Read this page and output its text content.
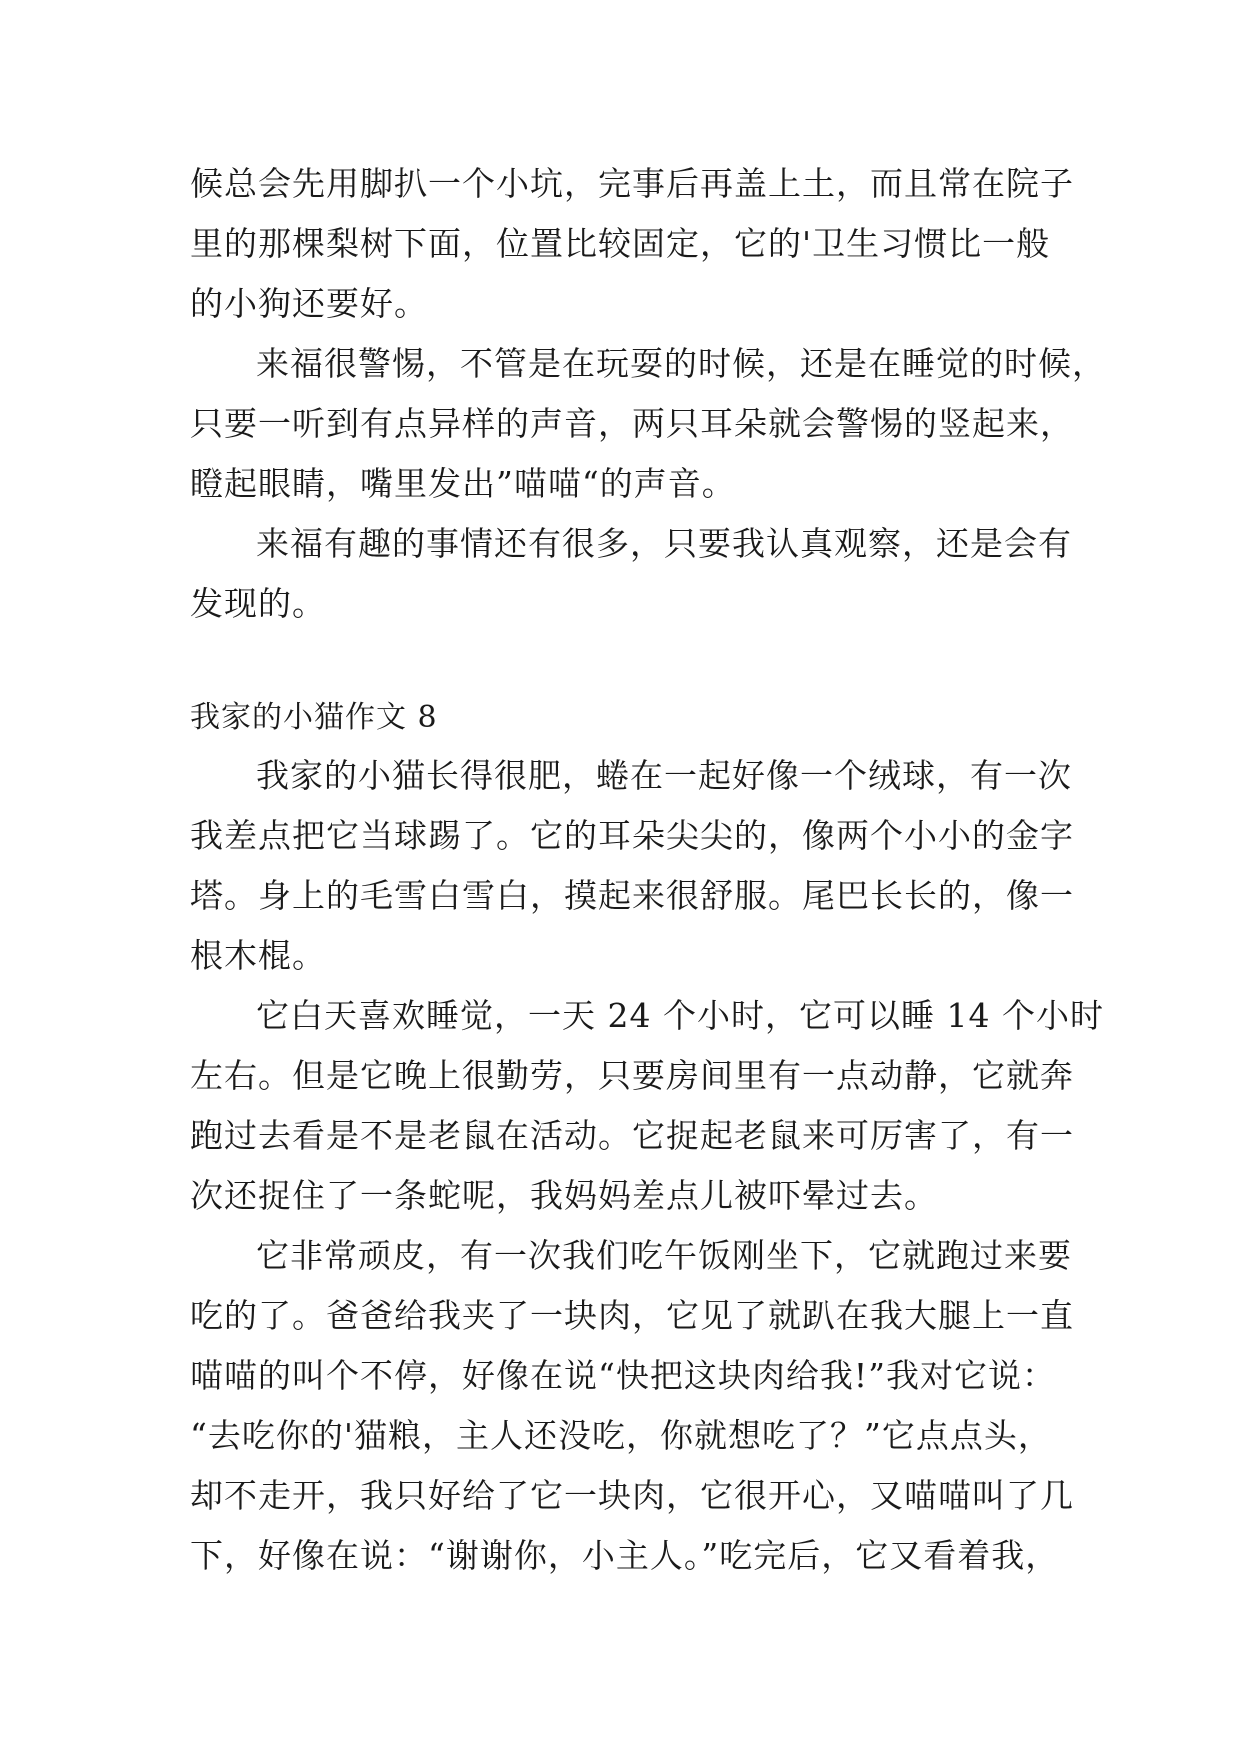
候总会先用脚扒一个小坑，完事后再盖上土，而且常在院子
里的那棵梨树下面，位置比较固定，它的'卫生习惯比一般
的小狗还要好。
来福很警惕，不管是在玩耍的时候，还是在睡觉的时候，
只要一听到有点异样的声音，两只耳朵就会警惕的竖起来，
瞪起眼睛，嘴里发出”喵喵“的声音。
来福有趣的事情还有很多，只要我认真观察，还是会有
发现的。
我家的小猫作文 8
我家的小猫长得很肥，蜷在一起好像一个绒球，有一次
我差点把它当球踢了。它的耳朵尖尖的，像两个小小的金字
塔。身上的毛雪白雪白，摸起来很舒服。尾巴长长的，像一
根木棍。
它白天喜欢睡觉，一天 24 个小时，它可以睡 14 个小时
左右。但是它晚上很勤劳，只要房间里有一点动静，它就奔
跑过去看是不是老鼠在活动。它捉起老鼠来可厉害了，有一
次还捉住了一条蛇呢，我妈妈差点儿被吓晕过去。
它非常顽皮，有一次我们吃午饭刚坐下，它就跑过来要
吃的了。爸爸给我夹了一块肉，它见了就趴在我大腿上一直
喵喵的叫个不停，好像在说“快把这块肉给我!”我对它说：
“去吃你的'猫粮，主人还没吃，你就想吃了？”它点点头，
却不走开，我只好给了它一块肉，它很开心，又喵喵叫了几
下，好像在说：“谢谢你，小主人。”吃完后，它又看着我，
